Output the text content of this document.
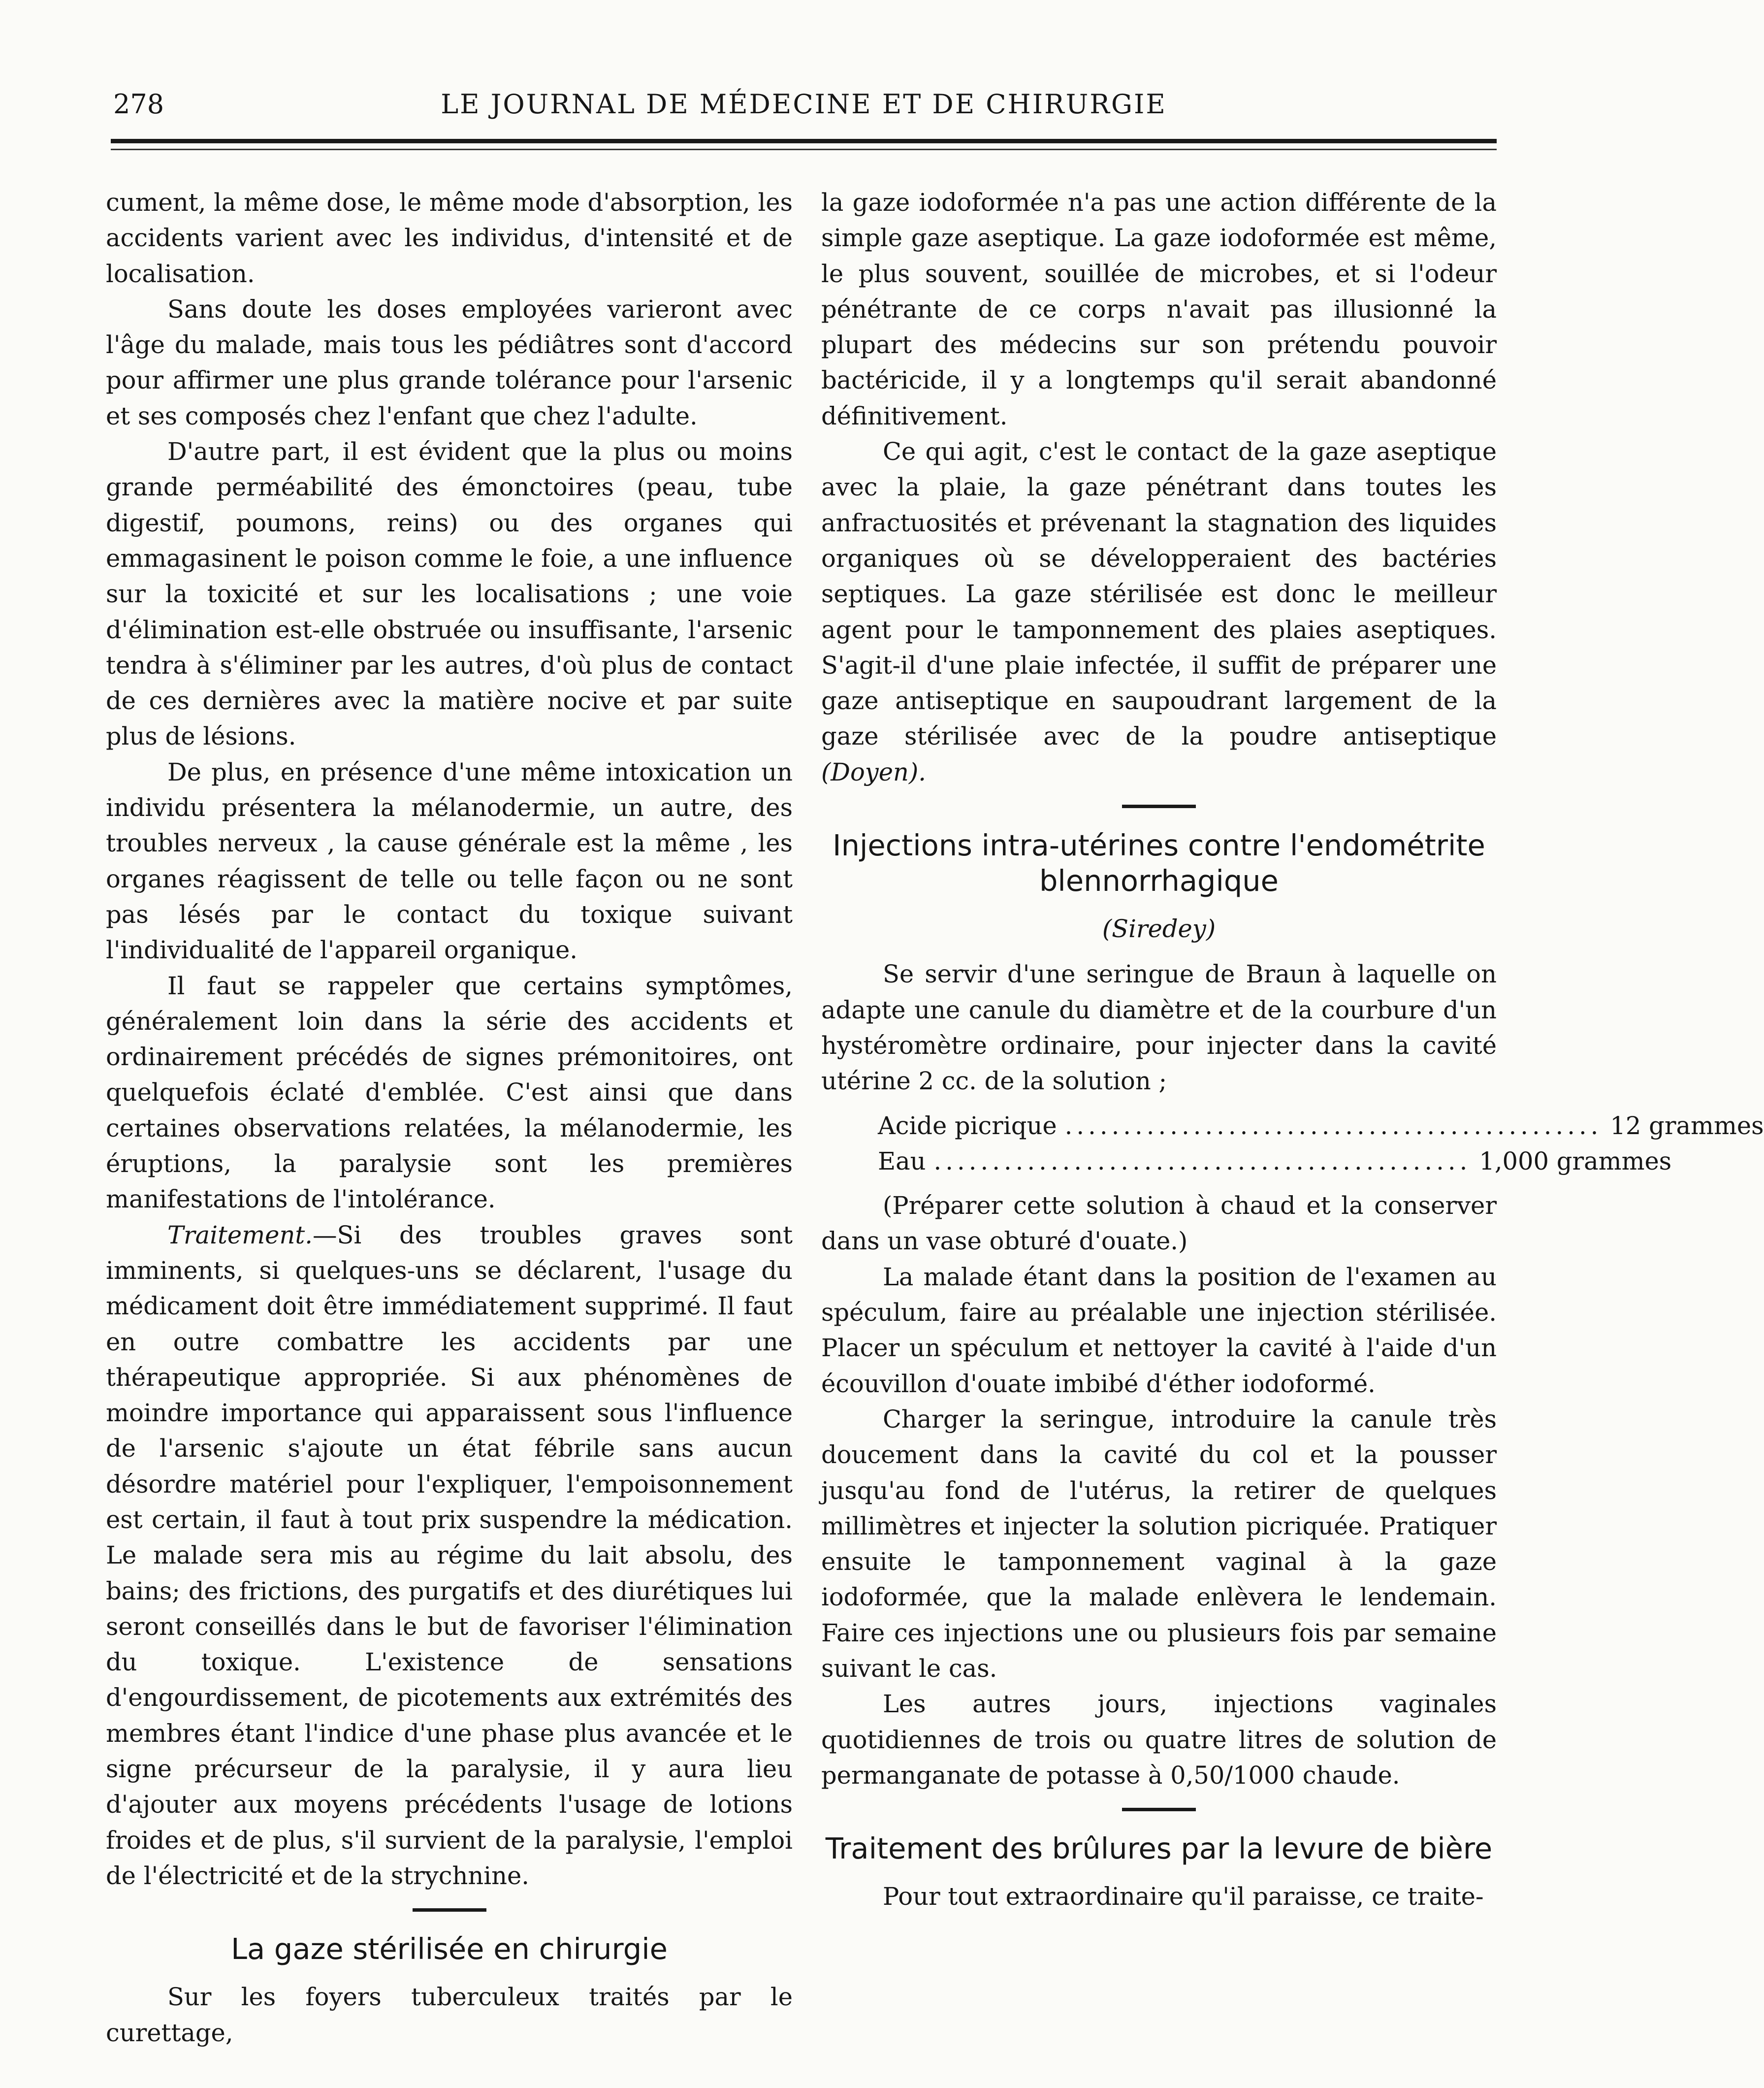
278	LE JOURNAL DE MÉDECINE ET DE CHIRURGIE

cument, la même dose, le même mode d'absorption, les accidents varient avec les individus, d'intensité et de localisation.

Sans doute les doses employées varieront avec l'âge du malade, mais tous les pédiâtres sont d'accord pour affirmer une plus grande tolérance pour l'arsenic et ses composés chez l'enfant que chez l'adulte.

D'autre part, il est évident que la plus ou moins grande perméabilité des émonctoires (peau, tube digestif, poumons, reins) ou des organes qui emmagasinent le poison comme le foie, a une influence sur la toxicité et sur les localisations ; une voie d'élimination est-elle obstruée ou insuffisante, l'arsenic tendra à s'éliminer par les autres, d'où plus de contact de ces dernières avec la matière nocive et par suite plus de lésions.

De plus, en présence d'une même intoxication un individu présentera la mélanodermie, un autre, des troubles nerveux , la cause générale est la même , les organes réagissent de telle ou telle façon ou ne sont pas lésés par le contact du toxique suivant l'individualité de l'appareil organique.

Il faut se rappeler que certains symptômes, généralement loin dans la série des accidents et ordinairement précédés de signes prémonitoires, ont quelquefois éclaté d'emblée. C'est ainsi que dans certaines observations relatées, la mélanodermie, les éruptions, la paralysie sont les premières manifestations de l'intolérance.

Traitement.—Si des troubles graves sont imminents, si quelques-uns se déclarent, l'usage du médicament doit être immédiatement supprimé. Il faut en outre combattre les accidents par une thérapeutique appropriée. Si aux phénomènes de moindre importance qui apparaissent sous l'influence de l'arsenic s'ajoute un état fébrile sans aucun désordre matériel pour l'expliquer, l'empoisonnement est certain, il faut à tout prix suspendre la médication. Le malade sera mis au régime du lait absolu, des bains; des frictions, des purgatifs et des diurétiques lui seront conseillés dans le but de favoriser l'élimination du toxique. L'existence de sensations d'engourdissement, de picotements aux extrémités des membres étant l'indice d'une phase plus avancée et le signe précurseur de la paralysie, il y aura lieu d'ajouter aux moyens précédents l'usage de lotions froides et de plus, s'il survient de la paralysie, l'emploi de l'électricité et de la strychnine.

La gaze stérilisée en chirurgie

Sur les foyers tuberculeux traités par le curettage,

la gaze iodoformée n'a pas une action différente de la simple gaze aseptique. La gaze iodoformée est même, le plus souvent, souillée de microbes, et si l'odeur pénétrante de ce corps n'avait pas illusionné la plupart des médecins sur son prétendu pouvoir bactéricide, il y a longtemps qu'il serait abandonné définitivement.

Ce qui agit, c'est le contact de la gaze aseptique avec la plaie, la gaze pénétrant dans toutes les anfractuosités et prévenant la stagnation des liquides organiques où se développeraient des bactéries septiques. La gaze stérilisée est donc le meilleur agent pour le tamponnement des plaies aseptiques. S'agit-il d'une plaie infectée, il suffit de préparer une gaze antiseptique en saupoudrant largement de la gaze stérilisée avec de la poudre antiseptique (Doyen).

Injections intra-utérines contre l'endométrite blennorrhagique
(Siredey)

Se servir d'une seringue de Braun à laquelle on adapte une canule du diamètre et de la courbure d'un hystéromètre ordinaire, pour injecter dans la cavité utérine 2 cc. de la solution ;

Acide picrique .............................................. 12 grammes
Eau .............................................. 1,000 grammes

(Préparer cette solution à chaud et la conserver dans un vase obturé d'ouate.)

La malade étant dans la position de l'examen au spéculum, faire au préalable une injection stérilisée. Placer un spéculum et nettoyer la cavité à l'aide d'un écouvillon d'ouate imbibé d'éther iodoformé.

Charger la seringue, introduire la canule très doucement dans la cavité du col et la pousser jusqu'au fond de l'utérus, la retirer de quelques millimètres et injecter la solution picriquée. Pratiquer ensuite le tamponnement vaginal à la gaze iodoformée, que la malade enlèvera le lendemain. Faire ces injections une ou plusieurs fois par semaine suivant le cas.

Les autres jours, injections vaginales quotidiennes de trois ou quatre litres de solution de permanganate de potasse à 0,50/1000 chaude.

Traitement des brûlures par la levure de bière

Pour tout extraordinaire qu'il paraisse, ce traite-
